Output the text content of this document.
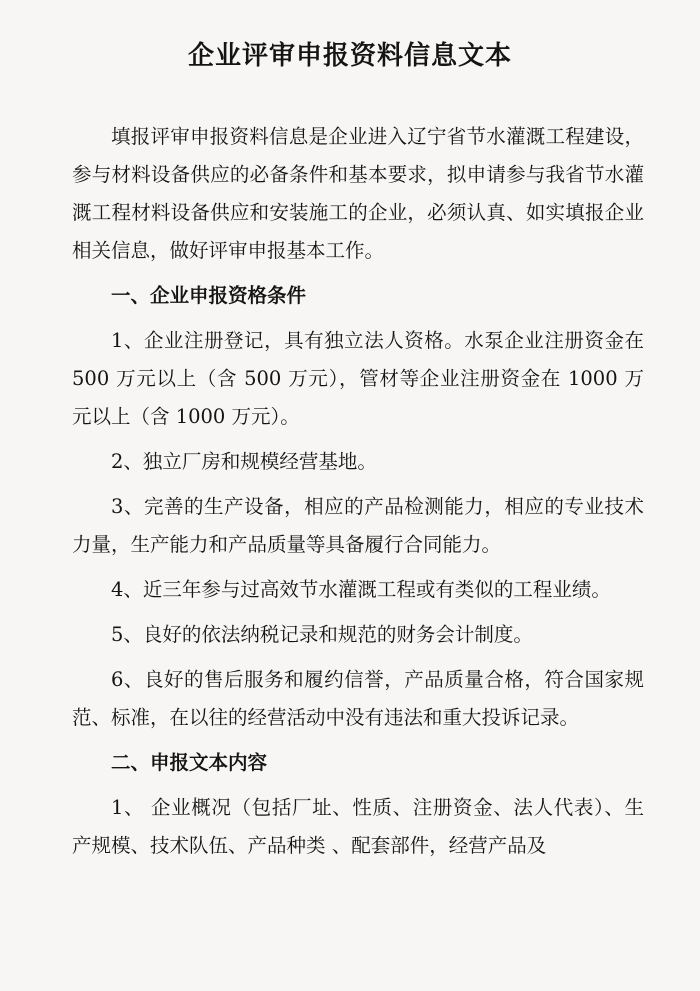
企业评审申报资料信息文本

填报评审申报资料信息是企业进入辽宁省节水灌溉工程建设，参与材料设备供应的必备条件和基本要求，拟申请参与我省节水灌溉工程材料设备供应和安装施工的企业，必须认真、如实填报企业相关信息，做好评审申报基本工作。

一、企业申报资格条件

1、企业注册登记，具有独立法人资格。水泵企业注册资金在 500 万元以上（含 500 万元），管材等企业注册资金在 1000 万元以上（含 1000 万元）。

2、独立厂房和规模经营基地。

3、完善的生产设备，相应的产品检测能力，相应的专业技术力量，生产能力和产品质量等具备履行合同能力。

4、近三年参与过高效节水灌溉工程或有类似的工程业绩。

5、良好的依法纳税记录和规范的财务会计制度。

6、良好的售后服务和履约信誉，产品质量合格，符合国家规范、标准，在以往的经营活动中没有违法和重大投诉记录。

二、申报文本内容

1、 企业概况（包括厂址、性质、注册资金、法人代表）、生产规模、技术队伍、产品种类 、配套部件，经营产品及
